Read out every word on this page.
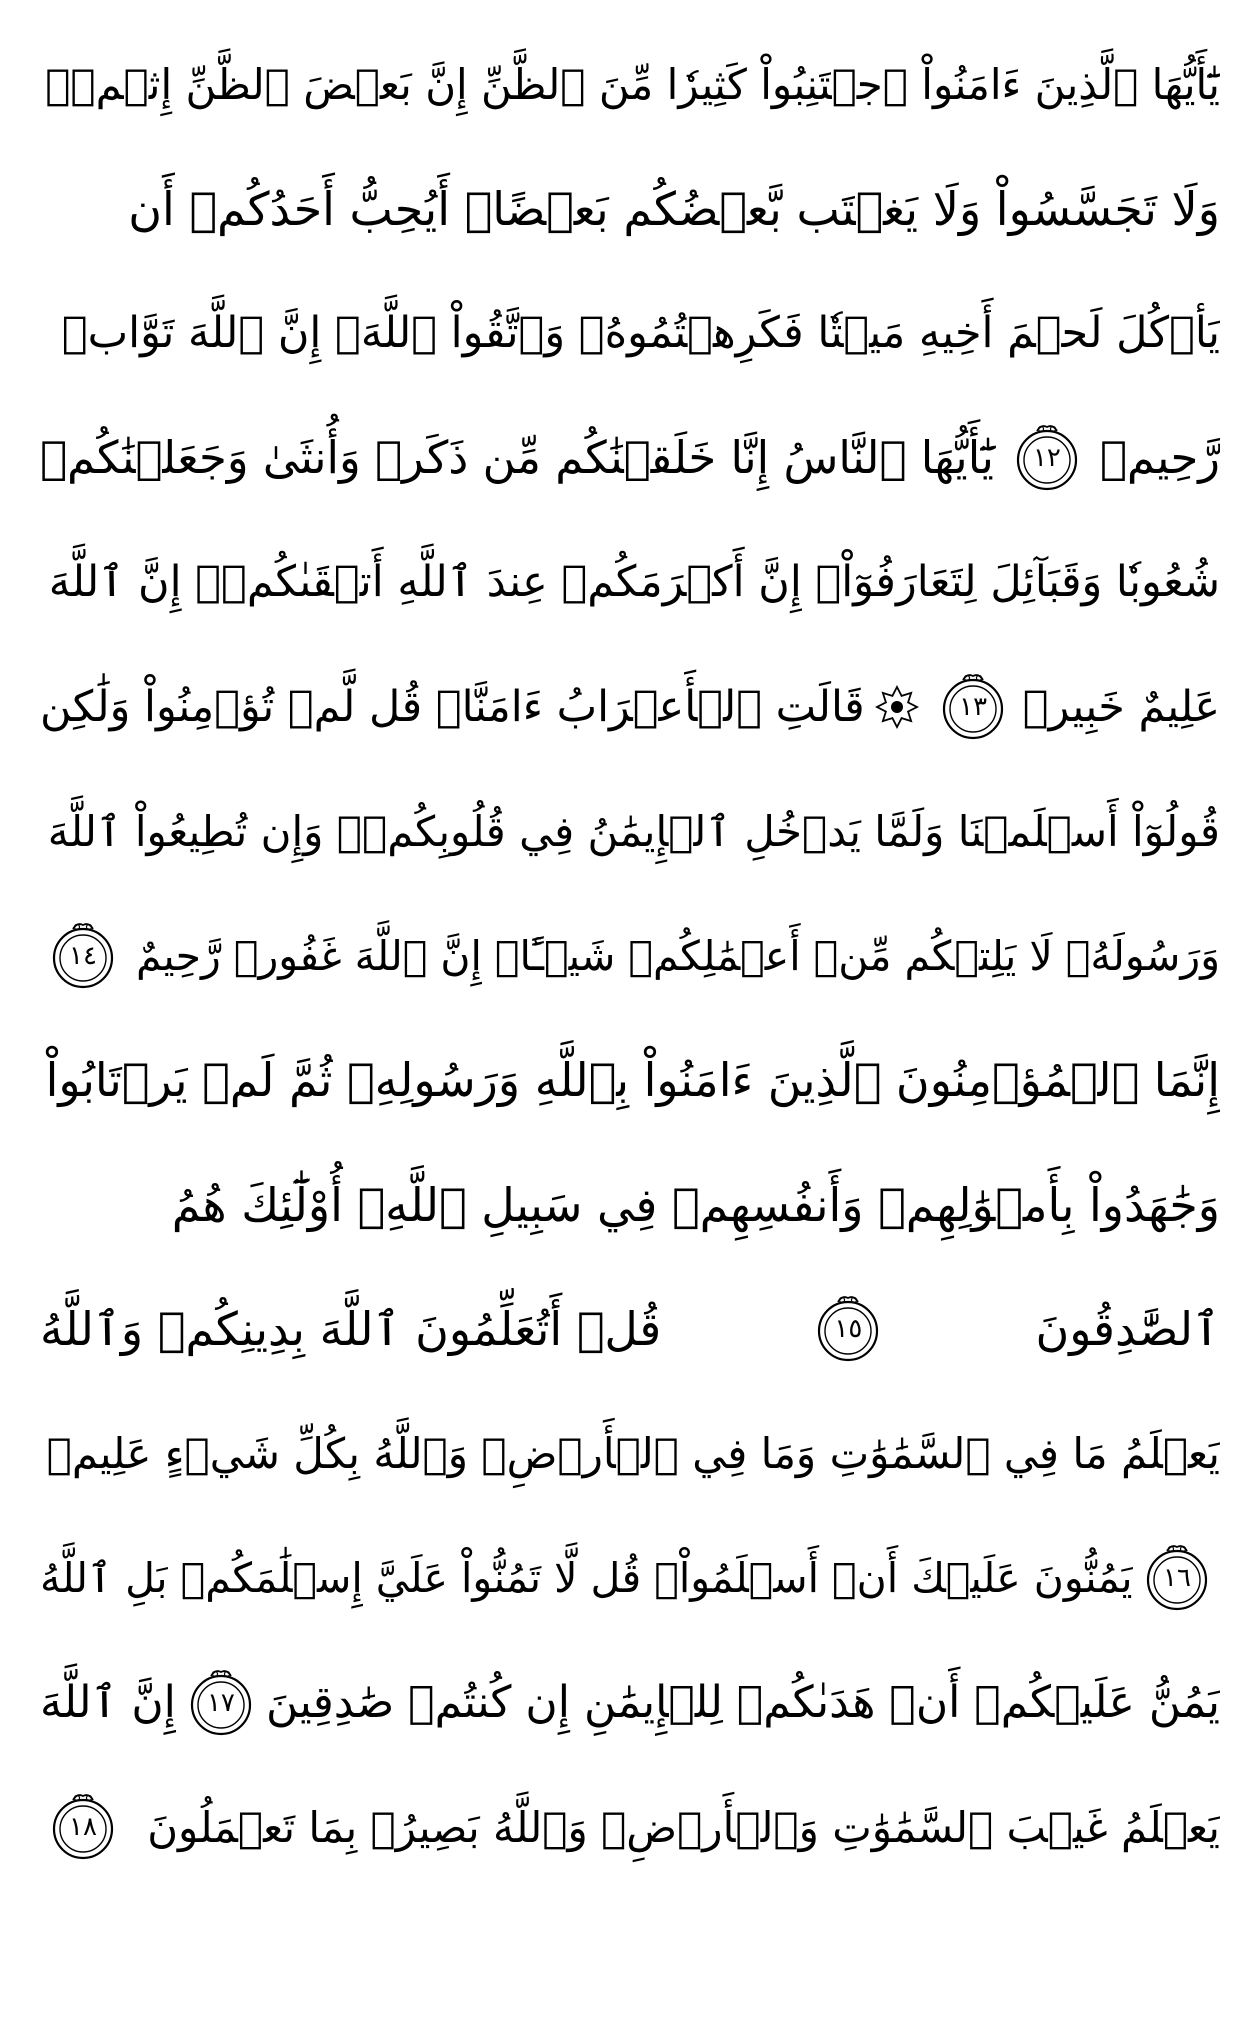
يَٰٓأَيُّهَا ٱلَّذِينَ ءَامَنُواْ ٱجۡتَنِبُواْ كَثِيرٗا مِّنَ ٱلظَّنِّ إِنَّ بَعۡضَ ٱلظَّنِّ إِثۡمٞۖ
وَلَا تَجَسَّسُواْ وَلَا يَغۡتَب بَّعۡضُكُم بَعۡضًاۚ أَيُحِبُّ أَحَدُكُمۡ أَن
يَأۡكُلَ لَحۡمَ أَخِيهِ مَيۡتٗا فَكَرِهۡتُمُوهُۚ وَٱتَّقُواْ ٱللَّهَۚ إِنَّ ٱللَّهَ تَوَّابٞ
رَّحِيمٞ
١٢
يَٰٓأَيُّهَا ٱلنَّاسُ إِنَّا خَلَقۡنَٰكُم مِّن ذَكَرٖ وَأُنثَىٰ وَجَعَلۡنَٰكُمۡ
شُعُوبٗا وَقَبَآئِلَ لِتَعَارَفُوٓاْۚ إِنَّ أَكۡرَمَكُمۡ عِندَ ٱللَّهِ أَتۡقَىٰكُمۡۚ إِنَّ ٱللَّهَ
عَلِيمٌ خَبِيرٞ
١٣
قَالَتِ ٱلۡأَعۡرَابُ ءَامَنَّاۖ قُل لَّمۡ تُؤۡمِنُواْ وَلَٰكِن
قُولُوٓاْ أَسۡلَمۡنَا وَلَمَّا يَدۡخُلِ ٱلۡإِيمَٰنُ فِي قُلُوبِكُمۡۖ وَإِن تُطِيعُواْ ٱللَّهَ
وَرَسُولَهُۥ لَا يَلِتۡكُم مِّنۡ أَعۡمَٰلِكُمۡ شَيۡـًٔاۚ إِنَّ ٱللَّهَ غَفُورٞ رَّحِيمٌ
١٤
إِنَّمَا ٱلۡمُؤۡمِنُونَ ٱلَّذِينَ ءَامَنُواْ بِٱللَّهِ وَرَسُولِهِۦ ثُمَّ لَمۡ يَرۡتَابُواْ
وَجَٰهَدُواْ بِأَمۡوَٰلِهِمۡ وَأَنفُسِهِمۡ فِي سَبِيلِ ٱللَّهِۚ أُوْلَٰٓئِكَ هُمُ
ٱلصَّٰدِقُونَ
١٥
قُلۡ أَتُعَلِّمُونَ ٱللَّهَ بِدِينِكُمۡ وَٱللَّهُ
يَعۡلَمُ مَا فِي ٱلسَّمَٰوَٰتِ وَمَا فِي ٱلۡأَرۡضِۚ وَٱللَّهُ بِكُلِّ شَيۡءٍ عَلِيمٞ
١٦
يَمُنُّونَ عَلَيۡكَ أَنۡ أَسۡلَمُواْۖ قُل لَّا تَمُنُّواْ عَلَيَّ إِسۡلَٰمَكُمۖ بَلِ ٱللَّهُ
يَمُنُّ عَلَيۡكُمۡ أَنۡ هَدَىٰكُمۡ لِلۡإِيمَٰنِ إِن كُنتُمۡ صَٰدِقِينَ
١٧
إِنَّ ٱللَّهَ
يَعۡلَمُ غَيۡبَ ٱلسَّمَٰوَٰتِ وَٱلۡأَرۡضِۚ وَٱللَّهُ بَصِيرُۢ بِمَا تَعۡمَلُونَ
١٨
